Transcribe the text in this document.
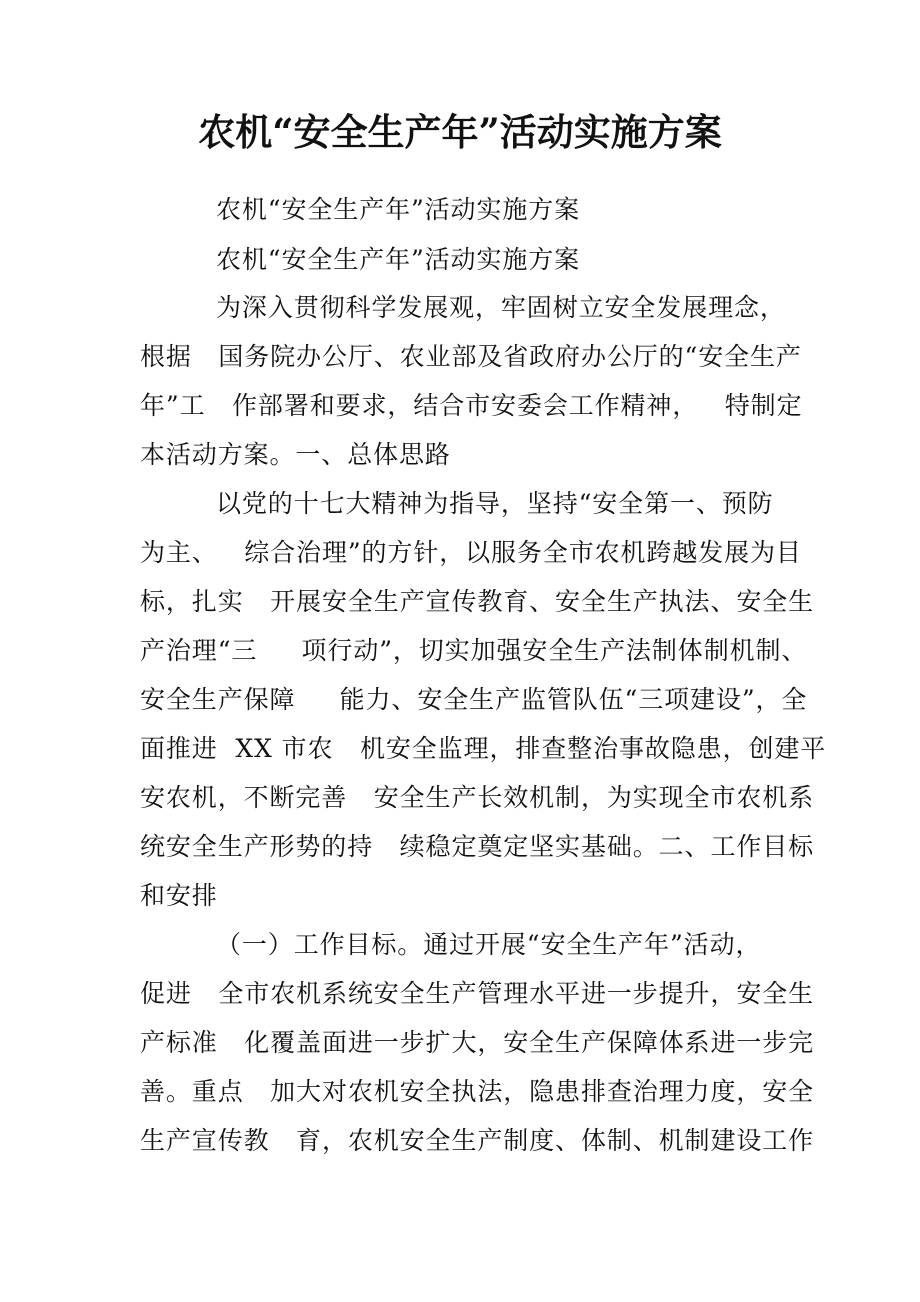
农机“安全生产年”活动实施方案

农机“安全生产年”活动实施方案

农机“安全生产年”活动实施方案

为深入贯彻科学发展观，牢固树立安全发展理念，

根据   国务院办公厅、农业部及省政府办公厅的“安全生产

年”工   作部署和要求，结合市安委会工作精神，   特制定

本活动方案。一、总体思路

以党的十七大精神为指导，坚持“安全第一、预防

为主、   综合治理”的方针，以服务全市农机跨越发展为目

标，扎实   开展安全生产宣传教育、安全生产执法、安全生

产治理“三     项行动”，切实加强安全生产法制体制机制、

安全生产保障     能力、安全生产监管队伍“三项建设”，全

面推进  XX 市农   机安全监理，排查整治事故隐患，创建平

安农机，不断完善   安全生产长效机制，为实现全市农机系

统安全生产形势的持   续稳定奠定坚实基础。二、工作目标

和安排

（一）工作目标。通过开展“安全生产年”活动，

促进   全市农机系统安全生产管理水平进一步提升，安全生

产标准   化覆盖面进一步扩大，安全生产保障体系进一步完

善。重点   加大对农机安全执法，隐患排查治理力度，安全

生产宣传教   育，农机安全生产制度、体制、机制建设工作
